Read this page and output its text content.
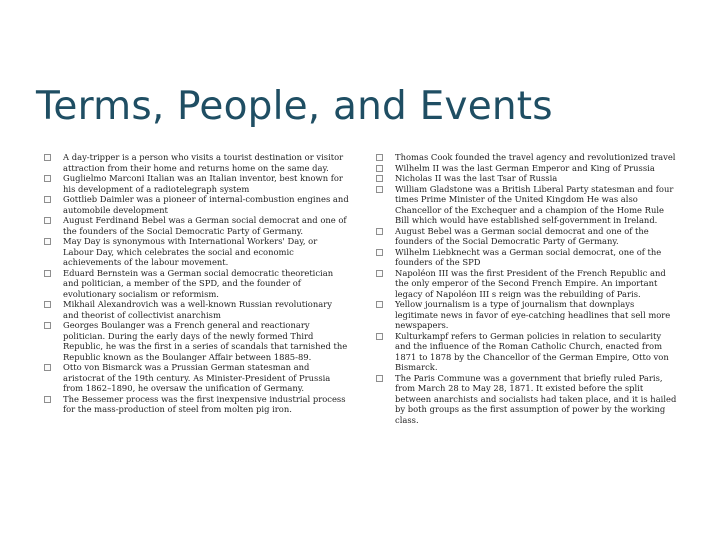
Terms, People, and Events
A day-tripper is a person who visits a tourist destination or visitor attraction from their home and returns home on the same day.
Guglielmo Marconi Italian was an Italian inventor, best known for his development of a radiotelegraph system
Gottlieb Daimler was a pioneer of internal-combustion engines and automobile development
August Ferdinand Bebel was a German social democrat and one of the founders of the Social Democratic Party of Germany.
May Day is synonymous with International Workers' Day, or Labour Day, which celebrates the social and economic achievements of the labour movement.
Eduard Bernstein was a German social democratic theoretician and politician, a member of the SPD, and the founder of evolutionary socialism or reformism.
Mikhail Alexandrovich was a well-known Russian revolutionary and theorist of collectivist anarchism
Georges Boulanger was a French general and reactionary politician. During the early days of the newly formed Third Republic, he was the first in a series of scandals that tarnished the Republic known as the Boulanger Affair between 1885-89.
Otto von Bismarck was a Prussian German statesman and aristocrat of the 19th century. As Minister-President of Prussia from 1862–1890, he oversaw the unification of Germany.
The Bessemer process was the first inexpensive industrial process for the mass-production of steel from molten pig iron.
Thomas Cook founded the travel agency and revolutionized travel
Wilhelm II was the last German Emperor and King of Prussia
Nicholas II was the last Tsar of Russia
William Gladstone was a British Liberal Party statesman and four times Prime Minister of the United Kingdom He was also Chancellor of the Exchequer and a champion of the Home Rule Bill which would have established self-government in Ireland.
August Bebel was a German social democrat and one of the founders of the Social Democratic Party of Germany.
Wilhelm Liebknecht was a German social democrat, one of the founders of the SPD
Napoléon III was the first President of the French Republic and the only emperor of the Second French Empire. An important legacy of Napoléon III s reign was the rebuilding of Paris.
Yellow journalism is a type of journalism that downplays legitimate news in favor of eye-catching headlines that sell more newspapers.
Kulturkampf refers to German policies in relation to secularity and the influence of the Roman Catholic Church, enacted from 1871 to 1878 by the Chancellor of the German Empire, Otto von Bismarck.
The Paris Commune was a government that briefly ruled Paris, from March 28 to May 28, 1871. It existed before the split between anarchists and socialists had taken place, and it is hailed by both groups as the first assumption of power by the working class.
